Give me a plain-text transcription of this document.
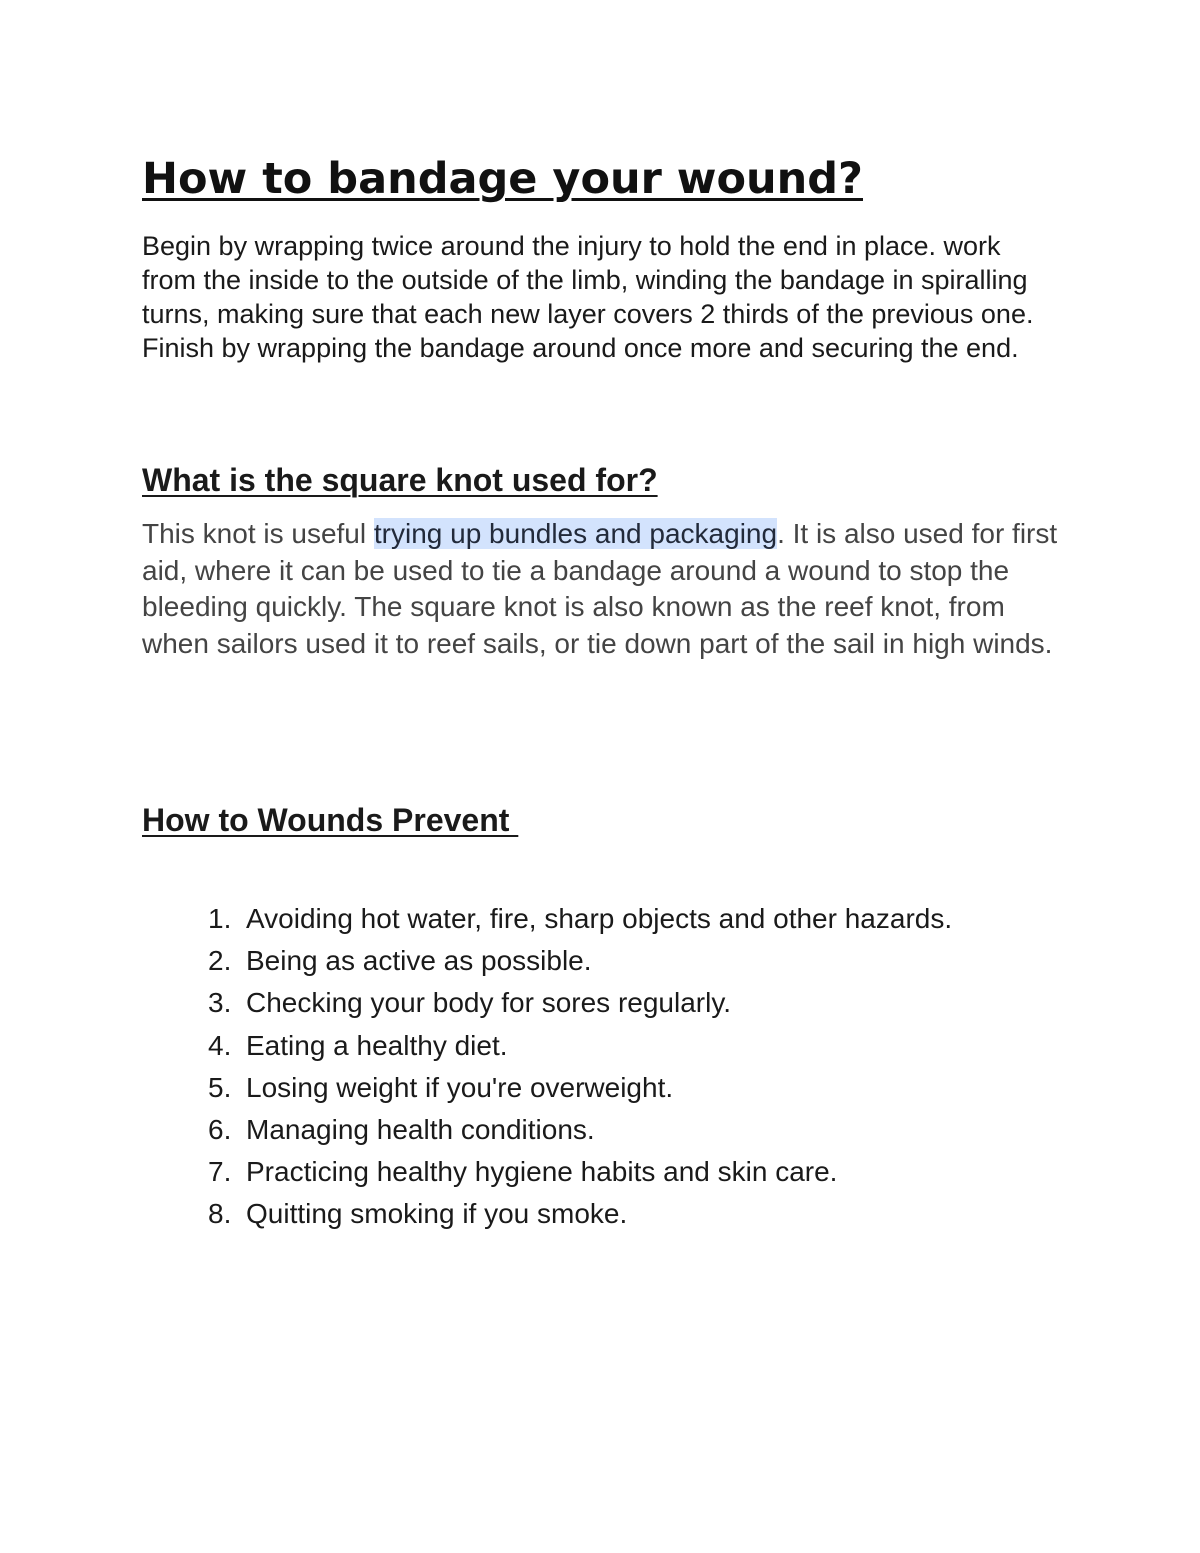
How to bandage your wound?

Begin by wrapping twice around the injury to hold the end in place. work from the inside to the outside of the limb, winding the bandage in spiralling turns, making sure that each new layer covers 2 thirds of the previous one. Finish by wrapping the bandage around once more and securing the end.

What is the square knot used for?

This knot is useful trying up bundles and packaging. It is also used for first aid, where it can be used to tie a bandage around a wound to stop the bleeding quickly. The square knot is also known as the reef knot, from when sailors used it to reef sails, or tie down part of the sail in high winds.

How to Wounds Prevent
1. Avoiding hot water, fire, sharp objects and other hazards.
2. Being as active as possible.
3. Checking your body for sores regularly.
4. Eating a healthy diet.
5. Losing weight if you're overweight.
6. Managing health conditions.
7. Practicing healthy hygiene habits and skin care.
8. Quitting smoking if you smoke.
